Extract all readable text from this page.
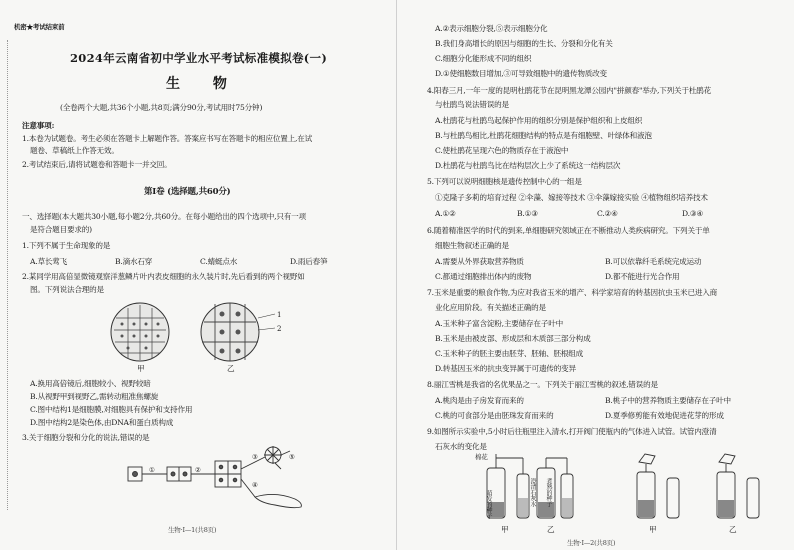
机密★考试结束前
2024年云南省初中学业水平考试标准模拟卷(一)
生 物
(全卷两个大题,共36个小题,共8页;满分90分,考试用时75分钟)
注意事项:
1.本卷为试题卷。考生必须在答题卡上解题作答。答案应书写在答题卡的相应位置上,在试
题卷、草稿纸上作答无效。
2.考试结束后,请将试题卷和答题卡一并交回。
第Ⅰ卷 (选择题,共60分)
一、选择题(本大题共30小题,每小题2分,共60分。在每小题给出的四个选项中,只有一项
是符合题目要求的)
1.下列不属于生命现象的是
A.草长莺飞	B.滴水石穿	C.蜻蜓点水	D.雨后春笋
2.某同学用高倍显微镜观察洋葱鳞片叶内表皮细胞的永久装片时,先后看到的两个视野如
图。下列说法合理的是
1
2
甲	乙
A.换用高倍镜后,细胞较小、视野较暗
B.从视野甲到视野乙,需转动粗准焦螺旋
C.图中结构1是细胞膜,对细胞具有保护和支持作用
D.图中结构2是染色体,由DNA和蛋白质构成
3.关于细胞分裂和分化的说法,错误的是
①	②
③
④
⑤
生物·Ⅰ—1(共8页)
A.②表示细胞分裂,⑤表示细胞分化
B.我们身高增长的原因与细胞的生长、分裂和分化有关
C.细胞分化能形成不同的组织
D.①使细胞数目增加,③可导致细胞中的遗传物质改变
4.阳春三月,一年一度的昆明杜鹃花节在昆明黑龙潭公园内"拼颜春"举办,下列关于杜鹃花
与杜鹃鸟说法错误的是
A.杜鹃花与杜鹃鸟起保护作用的组织分别是保护组织和上皮组织
B.与杜鹃鸟相比,杜鹃花细胞结构的特点是有细胞壁、叶绿体和液泡
C.使杜鹃花呈现六色的物质存在于液泡中
D.杜鹃花与杜鹃鸟比在结构层次上少了系统这一结构层次
5.下列可以说明细胞核是遗传控制中心的一组是
①克隆子多莉的培育过程 ②伞藻、嫁接等技术 ③伞藻嫁接实验 ④植物组织培养技术
A.①②	B.①③	C.②④	D.③④
6.随着精准医学的时代的到来,单细胞研究领域正在不断推动人类疾病研究。下列关于单
细胞生物叙述正确的是
A.需要从外界获取营养物质	B.可以依靠纤毛系统完成运动
C.都通过细胞排出体内的废物	D.都不能进行光合作用
7.玉米是重要的粮食作物,为应对我省玉米的增产、科学家培育的转基因抗虫玉米已进入商
业化应用阶段。有关描述正确的是
A.玉米种子富含淀粉,主要储存在子叶中
B.玉米是由被皮部、形成层和木质部三部分构成
C.玉米种子的胚主要由胚芽、胚轴、胚根组成
D.转基因玉米的抗虫变异属于可遗传的变异
8.丽江雪桃是我省的名优果品之一。下列关于丽江雪桃的叙述,错误的是
A.桃肉是由子房发育而来的	B.桃子中的营养物质主要储存在子叶中
C.桃的可食部分是由胚珠发育而来的	D.夏季修剪能有效地促进花芽的形成
9.如图所示实验中,5小时后往瓶里注入清水,打开阀门使瓶内的气体进入试管。试管内澄清
石灰水的变化是
棉花
萌发的种子	澄清石灰水	煮熟的种子
甲	乙	甲	乙
生物·Ⅰ—2(共8页)
